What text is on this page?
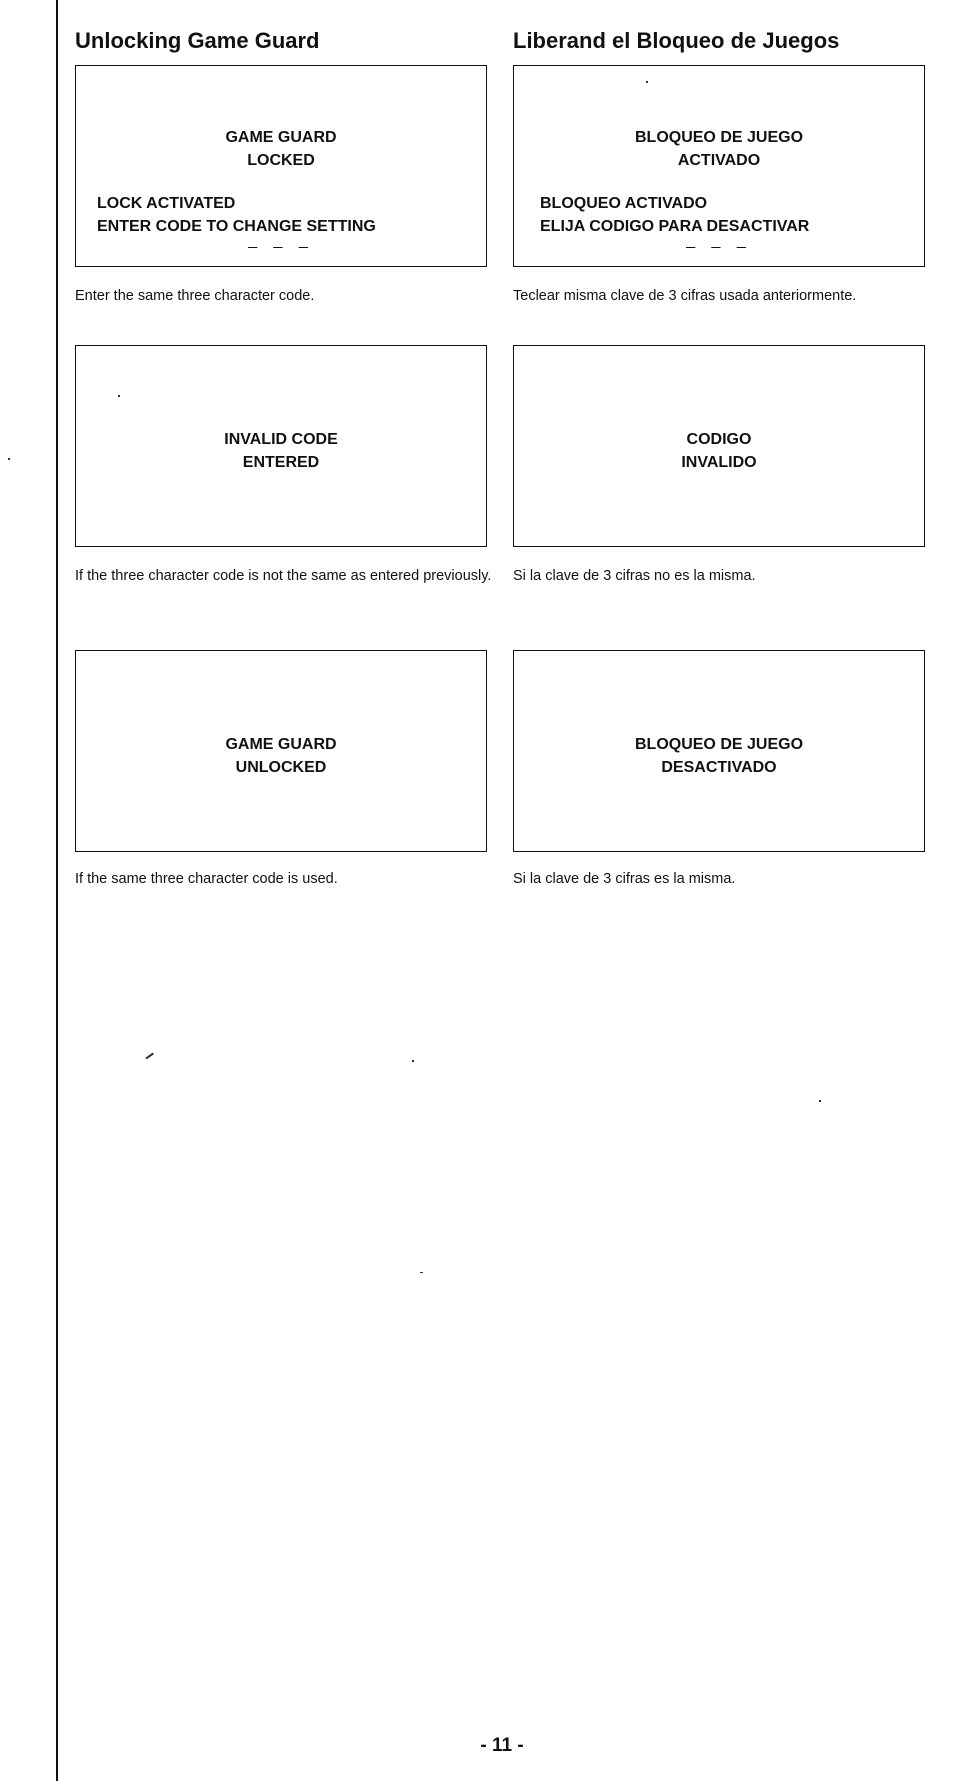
Unlocking Game Guard
GAME GUARD
LOCKED
LOCK ACTIVATED
ENTER CODE TO CHANGE SETTING
_ _ _
Enter the same three character code.
INVALID CODE
ENTERED
If the three character code is not the same as entered previously.
GAME GUARD
UNLOCKED
If the same three character code is used.
Liberand el Bloqueo de Juegos
BLOQUEO DE JUEGO
ACTIVADO
BLOQUEO ACTIVADO
ELIJA CODIGO PARA DESACTIVAR
_ _ _
Teclear misma clave de 3 cifras usada anteriormente.
CODIGO
INVALIDO
Si la clave de 3 cifras no es la misma.
BLOQUEO DE JUEGO
DESACTIVADO
Si la clave de 3 cifras es la misma.
- 11 -
